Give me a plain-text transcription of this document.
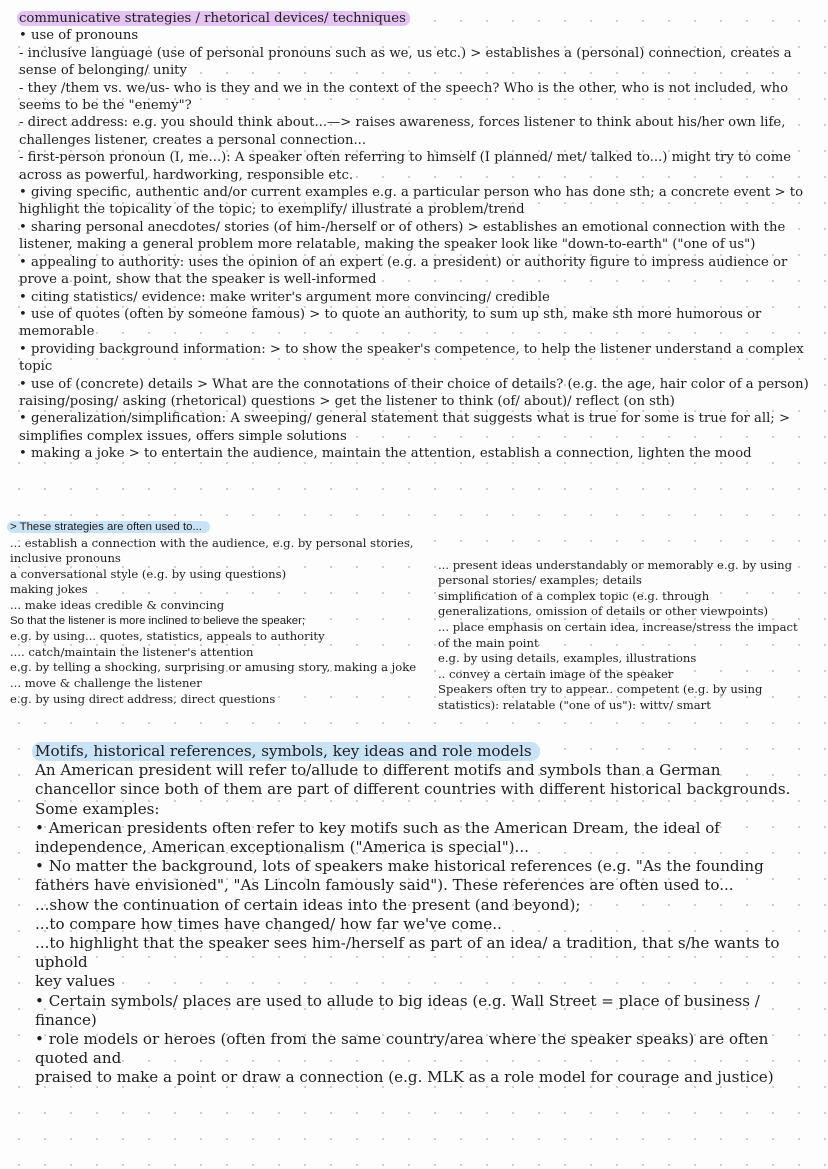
communicative strategies / rhetorical devices/ techniques
• use of pronouns
- inclusive language (use of personal pronouns such as we, us etc.) > establishes a (personal) connection, creates a sense of belonging/ unity
- they /them vs. we/us- who is they and we in the context of the speech? Who is the other, who is not included, who seems to be the "enemy"?
- direct address: e.g. you should think about...—> raises awareness, forces listener to think about his/her own life, challenges listener, creates a personal connection...
- first-person pronoun (I, me...): A speaker often referring to himself (I planned/ met/ talked to...) might try to come across as powerful, hardworking, responsible etc.
• giving specific, authentic and/or current examples e.g. a particular person who has done sth; a concrete event > to highlight the topicality of the topic; to exemplify/ illustrate a problem/trend
• sharing personal anecdotes/ stories (of him-/herself or of others) > establishes an emotional connection with the listener, making a general problem more relatable, making the speaker look like "down-to-earth" ("one of us")
• appealing to authority: uses the opinion of an expert (e.g. a president) or authority figure to impress audience or prove a point, show that the speaker is well-informed
• citing statistics/ evidence: make writer's argument more convincing/ credible
• use of quotes (often by someone famous) > to quote an authority, to sum up sth, make sth more humorous or memorable
• providing background information: > to show the speaker's competence, to help the listener understand a complex topic
• use of (concrete) details > What are the connotations of their choice of details? (e.g. the age, hair color of a person) raising/posing/ asking (rhetorical) questions > get the listener to think (of/ about)/ reflect (on sth)
• generalization/simplification: A sweeping/ general statement that suggests what is true for some is true for all; > simplifies complex issues, offers simple solutions
• making a joke > to entertain the audience, maintain the attention, establish a connection, lighten the mood
> These strategies are often used to...
... establish a connection with the audience, e.g. by personal stories, inclusive pronouns
a conversational style (e.g. by using questions)
making jokes
... make ideas credible & convincing
So that the listener is more inclined to believe the speaker;
e.g. by using... quotes, statistics, appeals to authority
.... catch/maintain the listener's attention
e.g. by telling a shocking, surprising or amusing story, making a joke
... move & challenge the listener
e.g. by using direct address, direct questions
... present ideas understandably or memorably e.g. by using personal stories/ examples; details
simplification of a complex topic (e.g. through generalizations, omission of details or other viewpoints)
... place emphasis on certain idea, increase/stress the impact of the main point
e.g. by using details, examples, illustrations
.. convey a certain image of the speaker
Speakers often try to appear.. competent (e.g. by using statistics): relatable ("one of us"): wittv/ smart
Motifs, historical references, symbols, key ideas and role models
An American president will refer to/allude to different motifs and symbols than a German chancellor since both of them are part of different countries with different historical backgrounds. Some examples:
• American presidents often refer to key motifs such as the American Dream, the ideal of independence, American exceptionalism ("America is special")...
• No matter the background, lots of speakers make historical references (e.g. "As the founding fathers have envisioned", "As Lincoln famously said"). These references are often used to...
...show the continuation of certain ideas into the present (and beyond);
...to compare how times have changed/ how far we've come..
...to highlight that the speaker sees him-/herself as part of an idea/ a tradition, that s/he wants to uphold
key values
• Certain symbols/ places are used to allude to big ideas (e.g. Wall Street = place of business / finance)
• role models or heroes (often from the same country/area where the speaker speaks) are often quoted and
praised to make a point or draw a connection (e.g. MLK as a role model for courage and justice)
